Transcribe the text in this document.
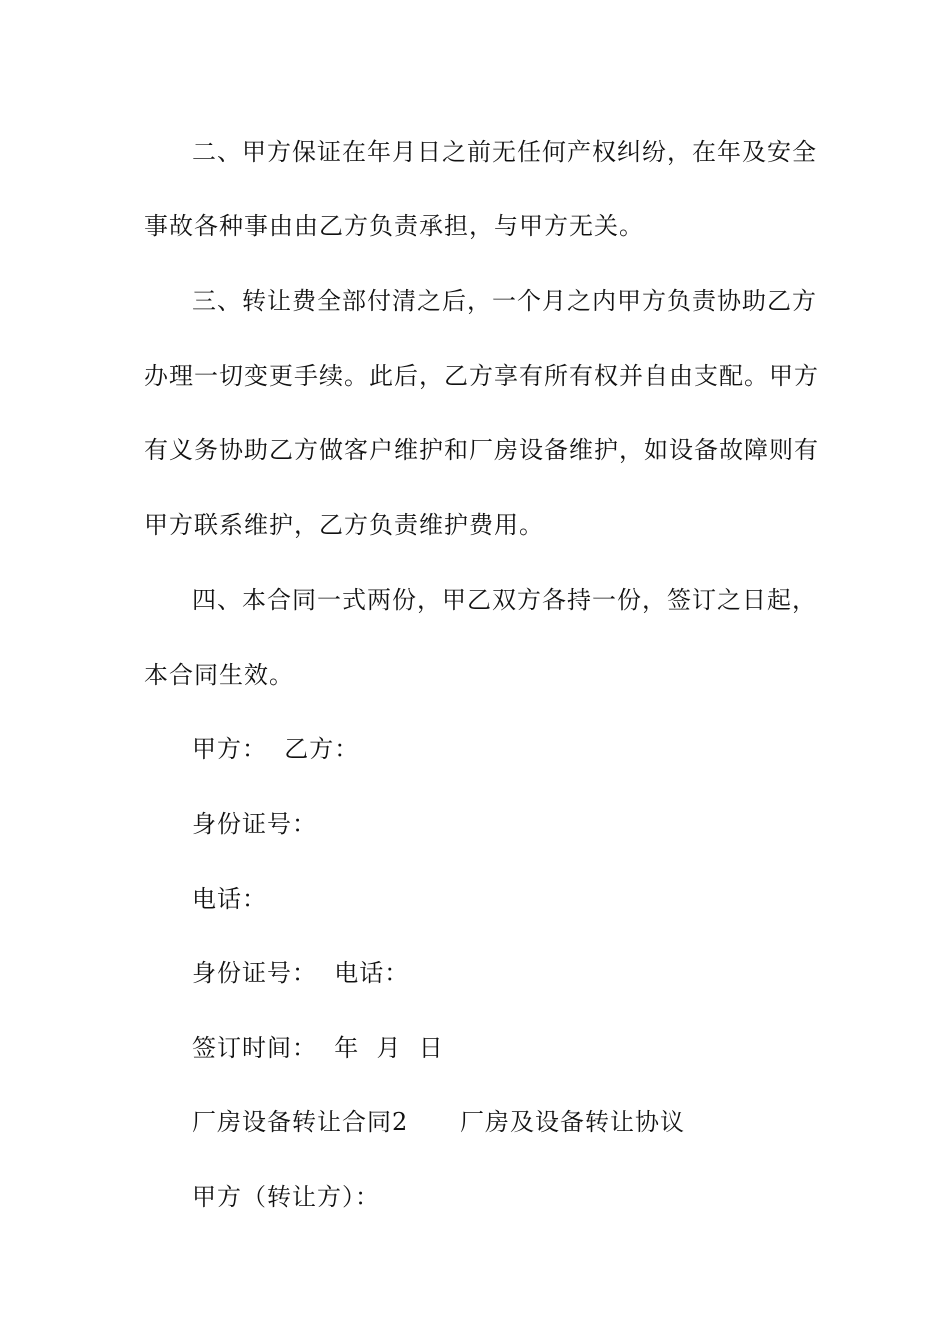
二、甲方保证在年月日之前无任何产权纠纷，在年及安全
事故各种事由由乙方负责承担，与甲方无关。
三、转让费全部付清之后，一个月之内甲方负责协助乙方
办理一切变更手续。此后，乙方享有所有权并自由支配。甲方
有义务协助乙方做客户维护和厂房设备维护，如设备故障则有
甲方联系维护，乙方负责维护费用。
四、本合同一式两份，甲乙双方各持一份，签订之日起，
本合同生效。
甲方：  乙方：
身份证号：
电话：
身份证号：  电话：
签订时间：  年  月  日
厂房设备转让合同2      厂房及设备转让协议
甲方（转让方）：
